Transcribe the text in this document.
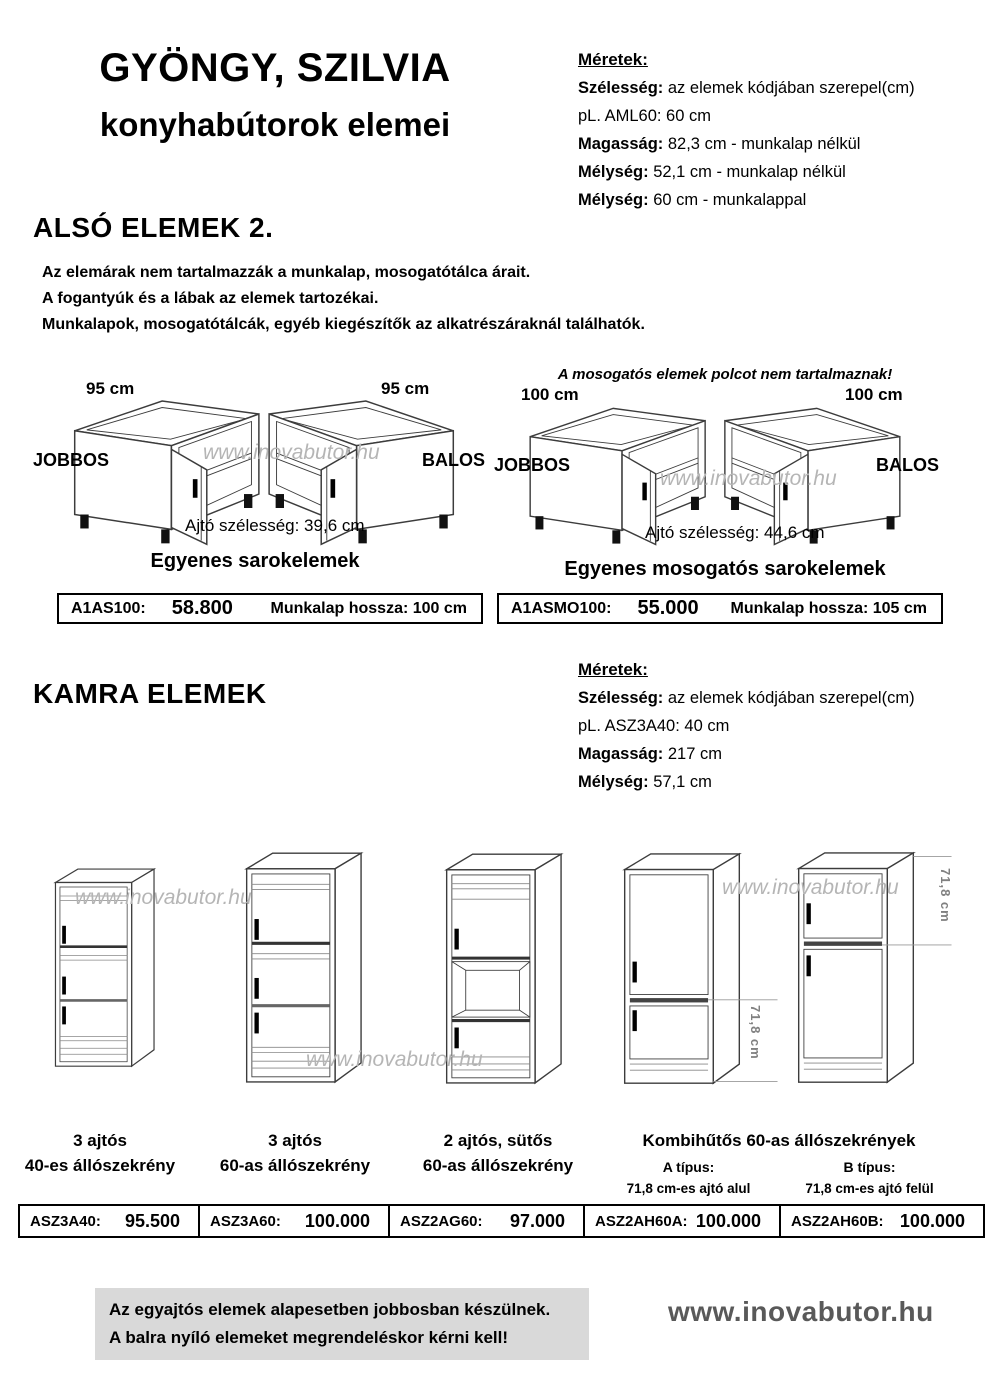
GYÖNGY, SZILVIA
konyhabútorok elemei
Méretek:
Szélesség: az elemek kódjában szerepel(cm)
pL. AML60: 60 cm
Magasság: 82,3 cm - munkalap nélkül
Mélység: 52,1 cm - munkalap nélkül
Mélység: 60 cm - munkalappal
ALSÓ ELEMEK 2.
Az elemárak nem tartalmazzák a munkalap, mosogatótálca árait.
A fogantyúk és a lábak az elemek tartozékai.
Munkalapok, mosogatótálcák, egyéb kiegészítők az alkatrészáraknál találhatók.
95 cm	95 cm
JOBBOS	BALOS
www.inovabutor.hu
Ajtó szélesség: 39,6 cm
Egyenes sarokelemek
A mosogatós elemek polcot nem tartalmaznak!
100 cm	100 cm
JOBBOS	BALOS
www.inovabutor.hu
Ajtó szélesség: 44,6 cm
Egyenes mosogatós sarokelemek
A1AS100: 58.800 Munkalap hossza: 100 cm	A1ASMO100: 55.000 Munkalap hossza: 105 cm
KAMRA ELEMEK
Méretek:
Szélesség: az elemek kódjában szerepel(cm)
pL. ASZ3A40: 40 cm
Magasság: 217 cm
Mélység: 57,1 cm
www.inovabutor.hu	www.inovabutor.hu
www.inovabutor.hu	71,8 cm
71,8 cm
3 ajtós
40-es állószekrény
3 ajtós
60-as állószekrény
2 ajtós, sütős
60-as állószekrény
Kombihűtős 60-as állószekrények
A típus:
71,8 cm-es ajtó alul
B típus:
71,8 cm-es ajtó felül
ASZ3A40: 95.500	ASZ3A60: 100.000	ASZ2AG60: 97.000	ASZ2AH60A: 100.000	ASZ2AH60B: 100.000
Az egyajtós elemek alapesetben jobbosban készülnek.
A balra nyíló elemeket megrendeléskor kérni kell!
www.inovabutor.hu
